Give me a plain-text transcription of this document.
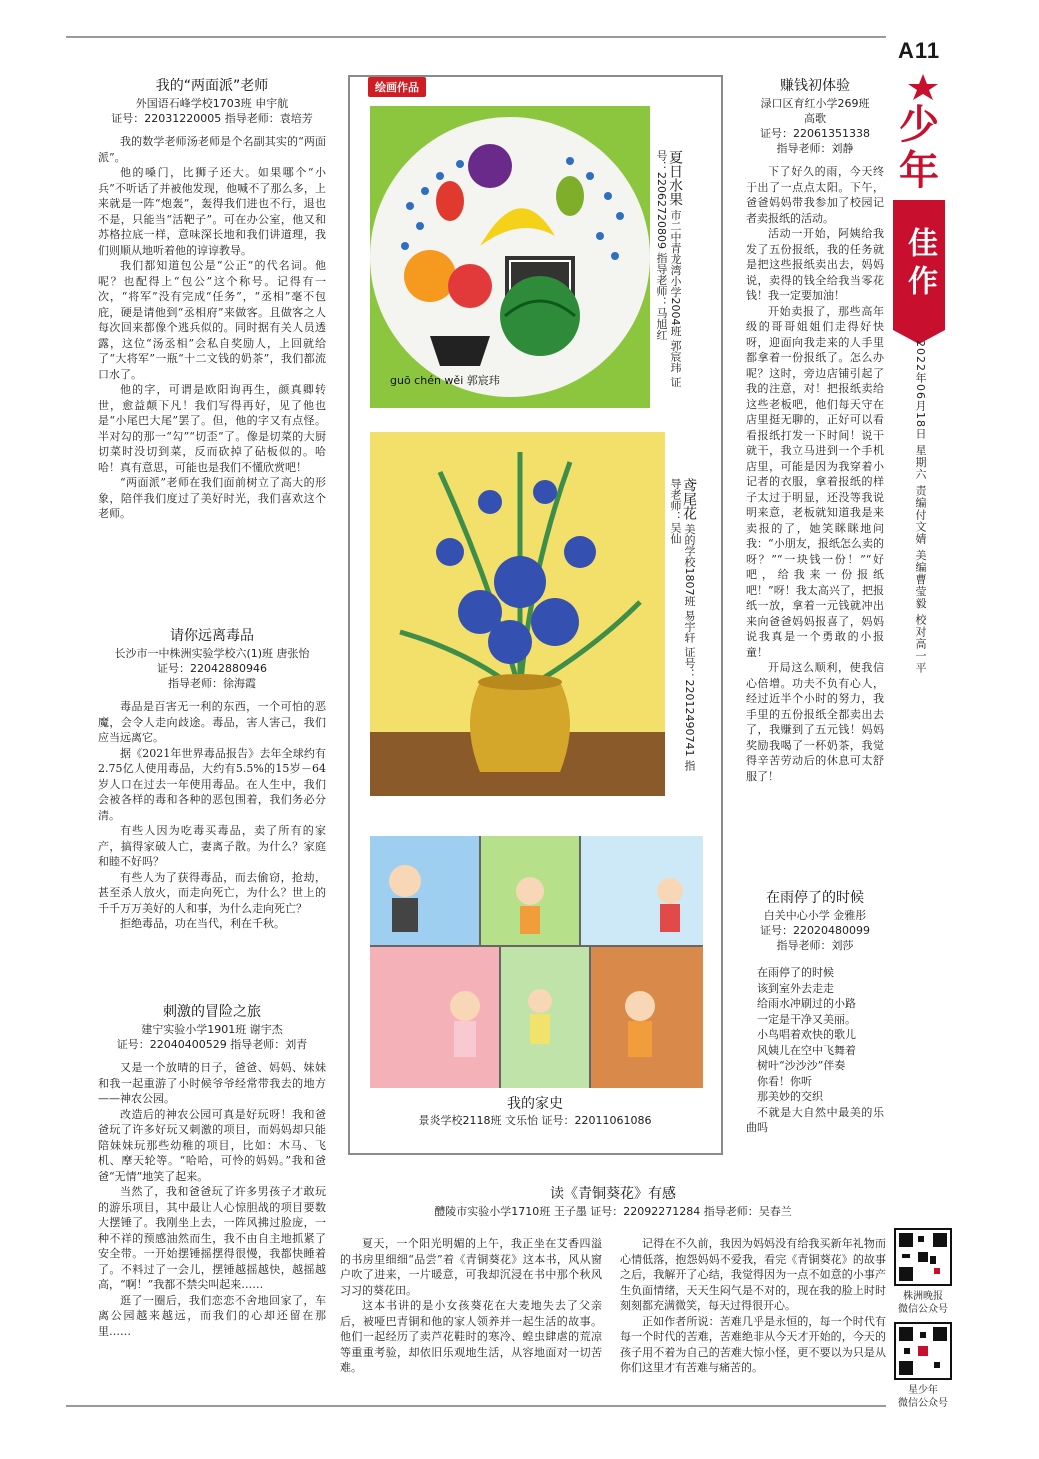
A11
少
年
佳作
2022年06月18日 星期六 责编付文婧 美编曹莹毅 校对高一平
株洲晚报
微信公众号
星少年
微信公众号
我的“两面派”老师
外国语石峰学校1703班 申宇航
证号：22031220005 指导老师：袁培芳

我的数学老师汤老师是个名副其实的“两面派”。

他的嗓门，比狮子还大。如果哪个“小兵”不听话了并被他发现，他喊不了那么多，上来就是一阵“炮轰”，轰得我们进也不行，退也不是，只能当“活靶子”。可在办公室，他又和苏格拉底一样，意味深长地和我们讲道理，我们则顺从地听着他的谆谆教导。

我们都知道包公是“公正”的代名词。他呢？也配得上“包公”这个称号。记得有一次，“将军”没有完成“任务”，“丞相”毫不包庇，硬是请他到“丞相府”来做客。且做客之人每次回来都像个逃兵似的。同时据有关人员透露，这位“汤丞相”会私自奖励人，上回就给了“大将军”一瓶“十二文钱的奶茶”，我们都流口水了。

他的字，可谓是欧阳询再生，颜真卿转世，愈益颠下凡！我们写得再好，见了他也是“小尾巴大尾”罢了。但，他的字又有点怪。半对勾的那一“勾”“切歪”了。像是切菜的大厨切菜时没切到菜，反而砍掉了砧板似的。哈哈！真有意思，可能也是我们不懂欣赏吧！

“两面派”老师在我们面前树立了高大的形象，陪伴我们度过了美好时光，我们喜欢这个老师。

请你远离毒品
长沙市一中株洲实验学校六(1)班 唐张怡
证号：22042880946
指导老师：徐海霞

毒品是百害无一利的东西，一个可怕的恶魔，会令人走向歧途。毒品，害人害己，我们应当远离它。

据《2021年世界毒品报告》去年全球约有2.75亿人使用毒品，大约有5.5%的15岁－64岁人口在过去一年使用毒品。在人生中，我们会被各样的毒和各种的恶包围着，我们务必分清。

有些人因为吃毒买毒品，卖了所有的家产，搞得家破人亡，妻离子散。为什么？家庭和睦不好吗？

有些人为了获得毒品，而去偷窃，抢劫，甚至杀人放火，而走向死亡，为什么？世上的千千万万美好的人和事，为什么走向死亡？

拒绝毒品，功在当代，利在千秋。

刺激的冒险之旅
建宁实验小学1901班 谢宇杰
证号：22040400529 指导老师：刘青

又是一个放晴的日子，爸爸、妈妈、妹妹和我一起重游了小时候爷爷经常带我去的地方——神农公园。

改造后的神农公园可真是好玩呀！我和爸爸玩了许多好玩又刺激的项目，而妈妈却只能陪妹妹玩那些幼稚的项目，比如：木马、飞机、摩天轮等。“哈哈，可怜的妈妈。”我和爸爸“无情”地笑了起来。

当然了，我和爸爸玩了许多男孩子才敢玩的游乐项目，其中最让人心惊胆战的项目要数大摆锤了。我刚坐上去，一阵风拂过脸庞，一种不祥的预感油然而生，我不由自主地抓紧了安全带。一开始摆锤摇摆得很慢，我都快睡着了。不料过了一会儿，摆锤越摇越快，越摇越高，“啊！”我都不禁尖叫起来……

逛了一圈后，我们恋恋不舍地回家了，车离公园越来越远，而我们的心却还留在那里……

绘画作品
guō chén wěi 郭宸玮
夏日水果 市二中青龙湾小学2004班 郭宸玮 证号：22062720809 指导老师：马旭红
鸢尾花 美的学校1807班 易宇轩 证号：22012490741 指导老师：吴仙
我的家史
景炎学校2118班 文乐怡 证号：22011061086
赚钱初体验
渌口区育红小学269班
高歌
证号：22061351338
指导老师：刘静

下了好久的雨，今天终于出了一点点太阳。下午，爸爸妈妈带我参加了校园记者卖报纸的活动。

活动一开始，阿姨给我发了五份报纸，我的任务就是把这些报纸卖出去，妈妈说，卖得的钱全给我当零花钱！我一定要加油！

开始卖报了，那些高年级的哥哥姐姐们走得好快呀，迎面向我走来的人手里都拿着一份报纸了。怎么办呢？这时，旁边店铺引起了我的注意，对！把报纸卖给这些老板吧，他们每天守在店里挺无聊的，正好可以看看报纸打发一下时间！说干就干，我立马进到一个手机店里，可能是因为我穿着小记者的衣服，拿着报纸的样子太过于明显，还没等我说明来意，老板就知道我是来卖报的了，她笑眯眯地问我：“小朋友，报纸怎么卖的呀？”“一块钱一份！”“好吧，给我来一份报纸吧！”呀！我太高兴了，把报纸一放，拿着一元钱就冲出来向爸爸妈妈报喜了，妈妈说我真是一个勇敢的小报童！

开局这么顺利，使我信心倍增。功夫不负有心人，经过近半个小时的努力，我手里的五份报纸全都卖出去了，我赚到了五元钱！妈妈奖励我喝了一杯奶茶，我觉得辛苦劳动后的休息可太舒服了！

在雨停了的时候
白关中心小学 金雅彤
证号：22020480099
指导老师：刘莎

在雨停了的时候

该到室外去走走

给雨水冲刷过的小路

一定是干净又美丽。

小鸟唱着欢快的歌儿

风姨儿在空中飞舞着

树叶“沙沙沙”伴奏

你看！你听

那美妙的交织

不就是大自然中最美的乐曲吗

读《青铜葵花》有感
醴陵市实验小学1710班 王子墨 证号：22092271284 指导老师：吴春兰

夏天，一个阳光明媚的上午，我正坐在艾香四溢的书房里细细“品尝”着《青铜葵花》这本书，风从窗户吹了进来，一片暖意，可我却沉浸在书中那个秋风习习的葵花田。

这本书讲的是小女孩葵花在大麦地失去了父亲后，被哑巴青铜和他的家人领养并一起生活的故事。他们一起经历了卖芦花鞋时的寒冷、蝗虫肆虐的荒凉等重重考验，却依旧乐观地生活，从容地面对一切苦难。

记得在不久前，我因为妈妈没有给我买新年礼物而心情低落，抱怨妈妈不爱我，看完《青铜葵花》的故事之后，我解开了心结，我觉得因为一点不如意的小事产生负面情绪，天天生闷气是不对的，现在我的脸上时时刻刻都充满微笑，每天过得很开心。

正如作者所说：苦难几乎是永恒的，每一个时代有每一个时代的苦难，苦难绝非从今天才开始的，今天的孩子用不着为自己的苦难大惊小怪，更不要以为只是从你们这里才有苦难与痛苦的。
